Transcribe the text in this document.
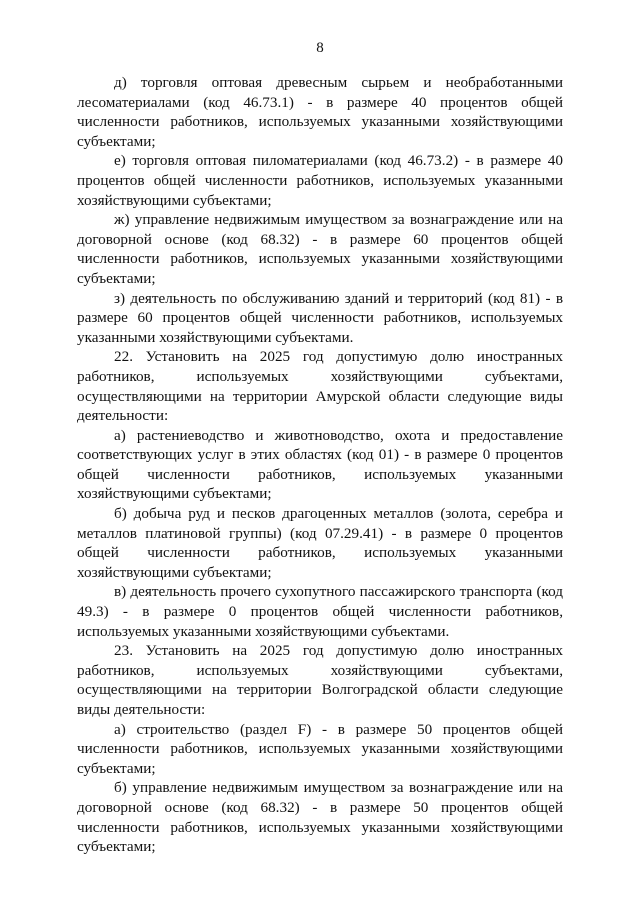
8

д) торговля оптовая древесным сырьем и необработанными лесоматериалами (код 46.73.1) - в размере 40 процентов общей численности работников, используемых указанными хозяйствующими субъектами;

е) торговля оптовая пиломатериалами (код 46.73.2) - в размере 40 процентов общей численности работников, используемых указанными хозяйствующими субъектами;

ж) управление недвижимым имуществом за вознаграждение или на договорной основе (код 68.32) - в размере 60 процентов общей численности работников, используемых указанными хозяйствующими субъектами;

з) деятельность по обслуживанию зданий и территорий (код 81) - в размере 60 процентов общей численности работников, используемых указанными хозяйствующими субъектами.

22. Установить на 2025 год допустимую долю иностранных работников, используемых хозяйствующими субъектами, осуществляющими на территории Амурской области следующие виды деятельности:

а) растениеводство и животноводство, охота и предоставление соответствующих услуг в этих областях (код 01) - в размере 0 процентов общей численности работников, используемых указанными хозяйствующими субъектами;

б) добыча руд и песков драгоценных металлов (золота, серебра и металлов платиновой группы) (код 07.29.41) - в размере 0 процентов общей численности работников, используемых указанными хозяйствующими субъектами;

в) деятельность прочего сухопутного пассажирского транспорта (код 49.3) - в размере 0 процентов общей численности работников, используемых указанными хозяйствующими субъектами.

23. Установить на 2025 год допустимую долю иностранных работников, используемых хозяйствующими субъектами, осуществляющими на территории Волгоградской области следующие виды деятельности:

а) строительство (раздел F) - в размере 50 процентов общей численности работников, используемых указанными хозяйствующими субъектами;

б) управление недвижимым имуществом за вознаграждение или на договорной основе (код 68.32) - в размере 50 процентов общей численности работников, используемых указанными хозяйствующими субъектами;
